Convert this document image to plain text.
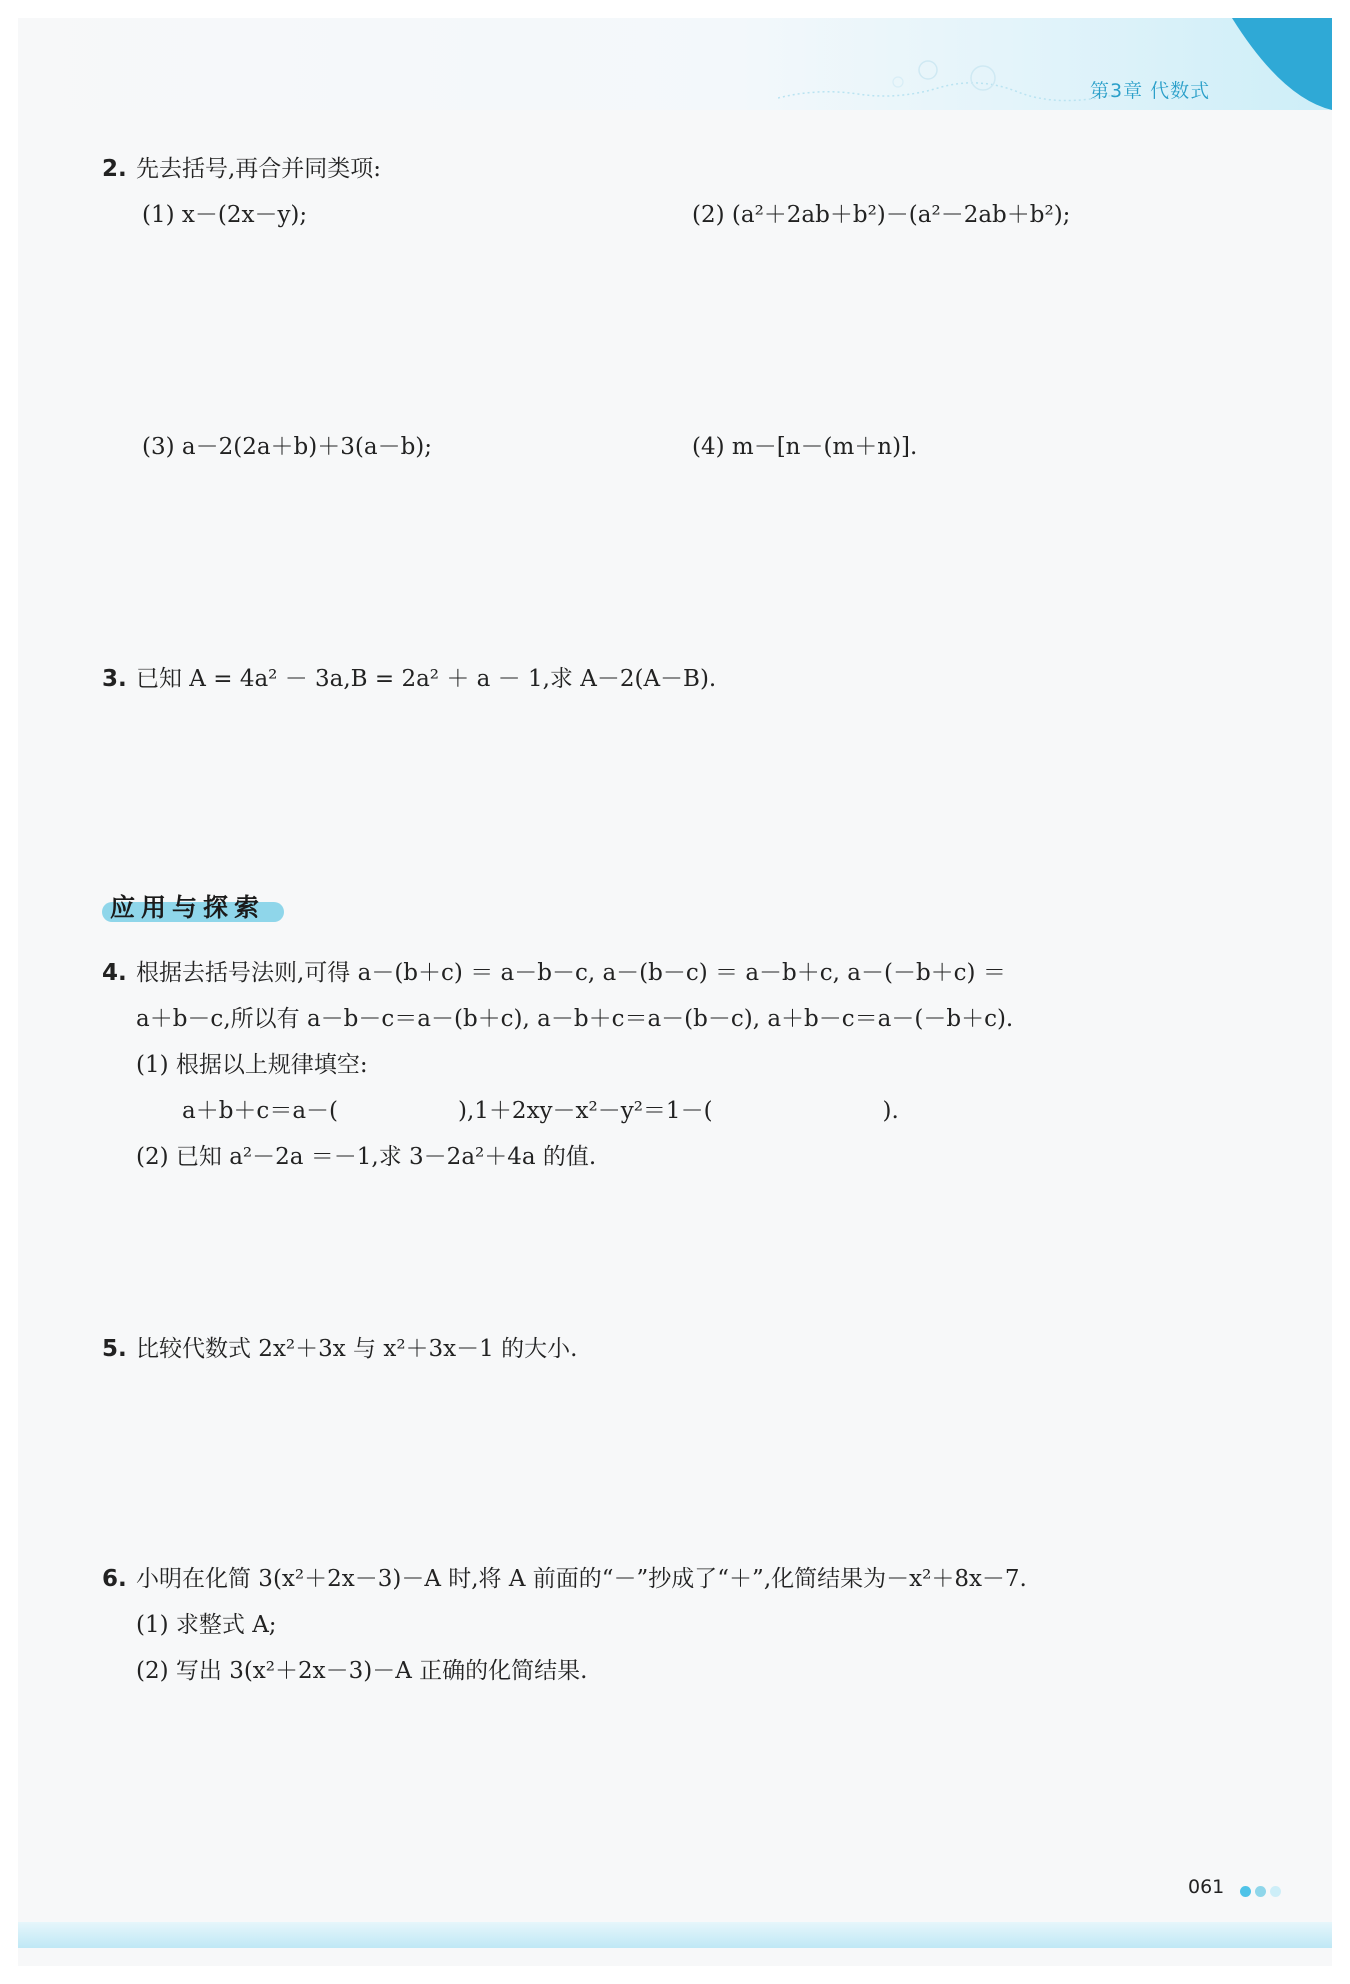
第3章 代数式
2. 先去括号,再合并同类项:
(1) x－(2x－y);	(2) (a²＋2ab＋b²)－(a²－2ab＋b²);
(3) a－2(2a＋b)＋3(a－b);	(4) m－[n－(m＋n)].
3. 已知 A = 4a² － 3a,B = 2a² ＋ a － 1,求 A－2(A－B).
应用与探索
4. 根据去括号法则,可得 a－(b＋c) ＝ a－b－c, a－(b－c) ＝ a－b＋c, a－(－b＋c) ＝
a＋b－c,所以有 a－b－c＝a－(b＋c), a－b＋c＝a－(b－c), a＋b－c＝a－(－b＋c).
(1) 根据以上规律填空:
a＋b＋c＝a－(	),1＋2xy－x²－y²＝1－(	).
(2) 已知 a²－2a ＝－1,求 3－2a²＋4a 的值.
5. 比较代数式 2x²＋3x 与 x²＋3x－1 的大小.
6. 小明在化简 3(x²＋2x－3)－A 时,将 A 前面的“－”抄成了“＋”,化简结果为－x²＋8x－7.
(1) 求整式 A;
(2) 写出 3(x²＋2x－3)－A 正确的化简结果.
061
